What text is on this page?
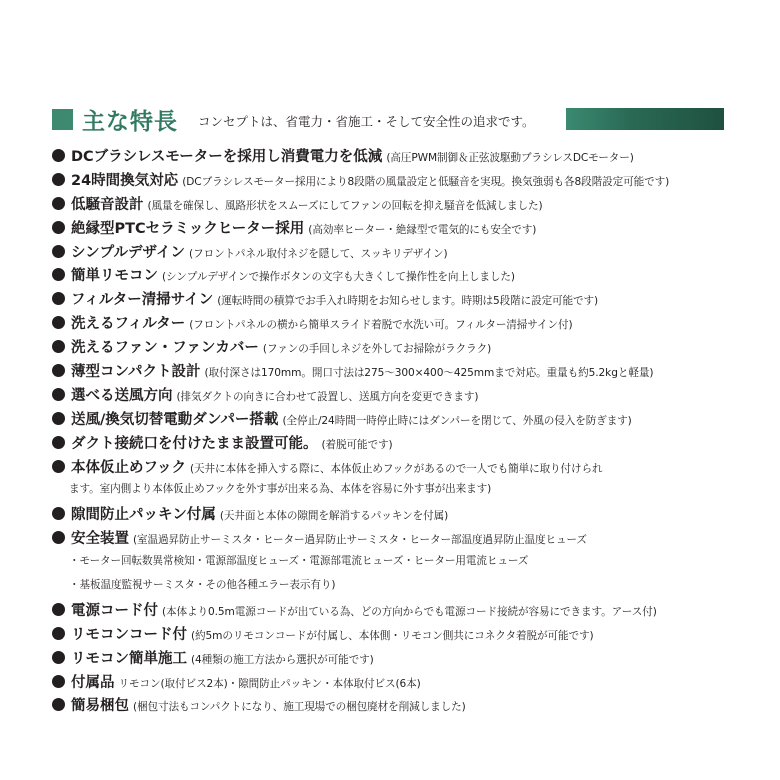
主な特長 コンセプトは、省電力・省施工・そして安全性の追求です。
DCブラシレスモーターを採用し消費電力を低減 (高圧PWM制御＆正弦波駆動ブラシレスDCモーター)
24時間換気対応 (DCブラシレスモーター採用により8段階の風量設定と低騒音を実現。換気強弱も各8段階設定可能です)
低騒音設計 (風量を確保し、風路形状をスムーズにしてファンの回転を抑え騒音を低減しました)
絶縁型PTCセラミックヒーター採用 (高効率ヒーター・絶縁型で電気的にも安全です)
シンプルデザイン (フロントパネル取付ネジを隠して、スッキリデザイン)
簡単リモコン (シンプルデザインで操作ボタンの文字も大きくして操作性を向上しました)
フィルター清掃サイン (運転時間の積算でお手入れ時期をお知らせします。時期は5段階に設定可能です)
洗えるフィルター (フロントパネルの横から簡単スライド着脱で水洗い可。フィルター清掃サイン付)
洗えるファン・ファンカバー (ファンの手回しネジを外してお掃除がラクラク)
薄型コンパクト設計 (取付深さは170mm。開口寸法は275～300×400～425mmまで対応。重量も約5.2kgと軽量)
選べる送風方向 (排気ダクトの向きに合わせて設置し、送風方向を変更できます)
送風/換気切替電動ダンパー搭載 (全停止/24時間一時停止時にはダンパーを閉じて、外風の侵入を防ぎます)
ダクト接続口を付けたまま設置可能。 (着脱可能です)
本体仮止めフック (天井に本体を挿入する際に、本体仮止めフックがあるので一人でも簡単に取り付けられ
ます。室内側より本体仮止めフックを外す事が出来る為、本体を容易に外す事が出来ます)
隙間防止パッキン付属 (天井面と本体の隙間を解消するパッキンを付属)
安全装置 (室温過昇防止サーミスタ・ヒーター過昇防止サーミスタ・ヒーター部温度過昇防止温度ヒューズ
・モーター回転数異常検知・電源部温度ヒューズ・電源部電流ヒューズ・ヒーター用電流ヒューズ
・基板温度監視サーミスタ・その他各種エラー表示有り)
電源コード付 (本体より0.5m電源コードが出ている為、どの方向からでも電源コード接続が容易にできます。アース付)
リモコンコード付 (約5mのリモコンコードが付属し、本体側・リモコン側共にコネクタ着脱が可能です)
リモコン簡単施工 (4種類の施工方法から選択が可能です)
付属品 リモコン(取付ビス2本)・隙間防止パッキン・本体取付ビス(6本)
簡易梱包 (梱包寸法もコンパクトになり、施工現場での梱包廃材を削減しました)
